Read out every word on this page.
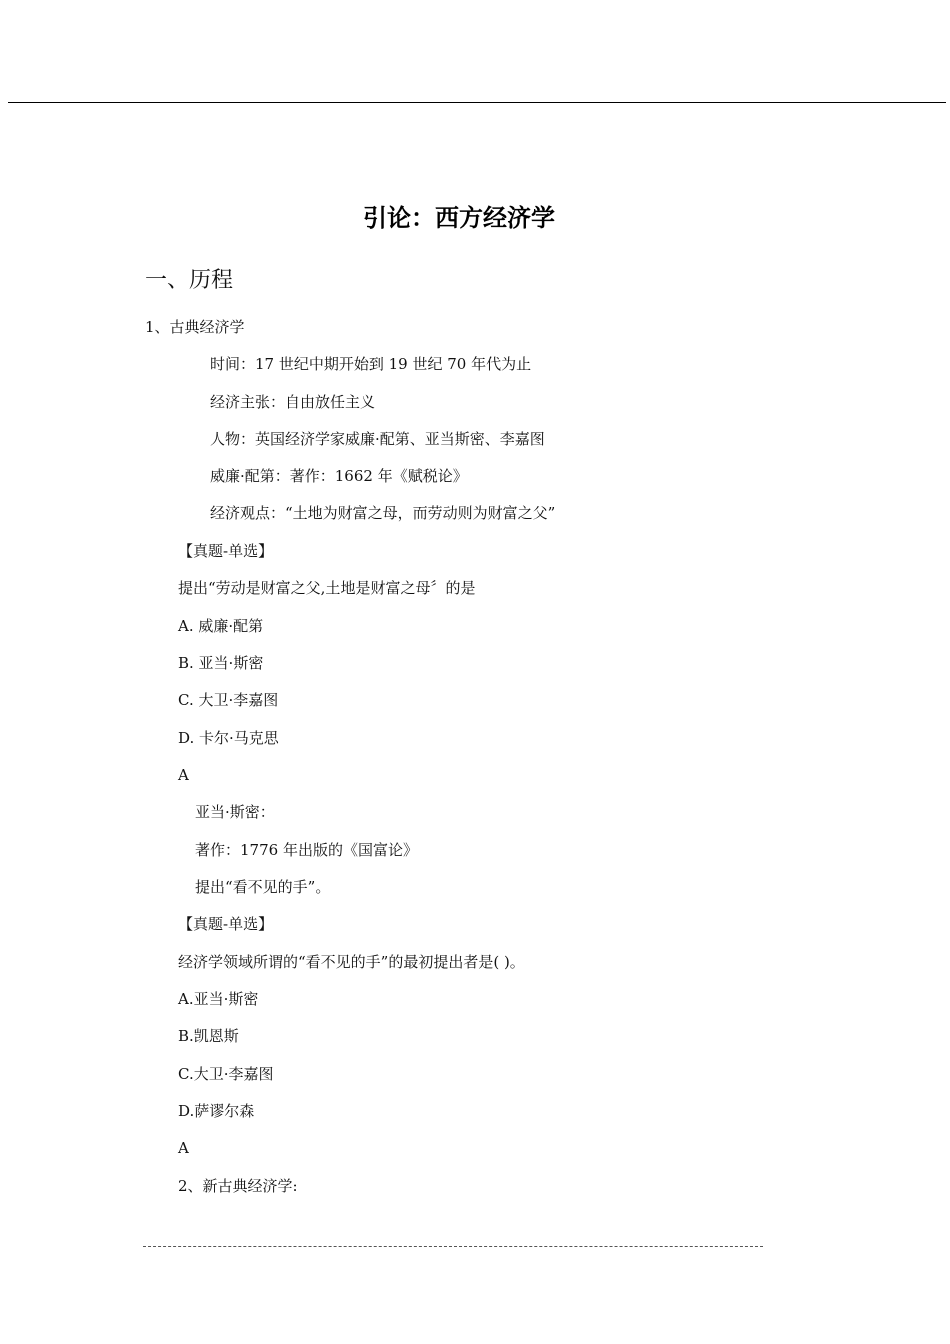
引论：西方经济学
一、历程
1、古典经济学
时间：17 世纪中期开始到 19 世纪 70 年代为止
经济主张：自由放任主义
人物：英国经济学家威廉·配第、亚当斯密、李嘉图
威廉·配第：著作：1662 年《赋税论》
经济观点：“土地为财富之母，而劳动则为财富之父”
【真题-单选】
提出“劳动是财富之父,土地是财富之母〞的是
A. 威廉·配第
B. 亚当·斯密
C. 大卫·李嘉图
D. 卡尔·马克思
A
亚当·斯密：
著作：1776 年出版的《国富论》
提出“看不见的手”。
【真题-单选】
经济学领域所谓的“看不见的手”的最初提出者是( )。
A.亚当·斯密
B.凯恩斯
C.大卫·李嘉图
D.萨谬尔森
A
2、新古典经济学:
